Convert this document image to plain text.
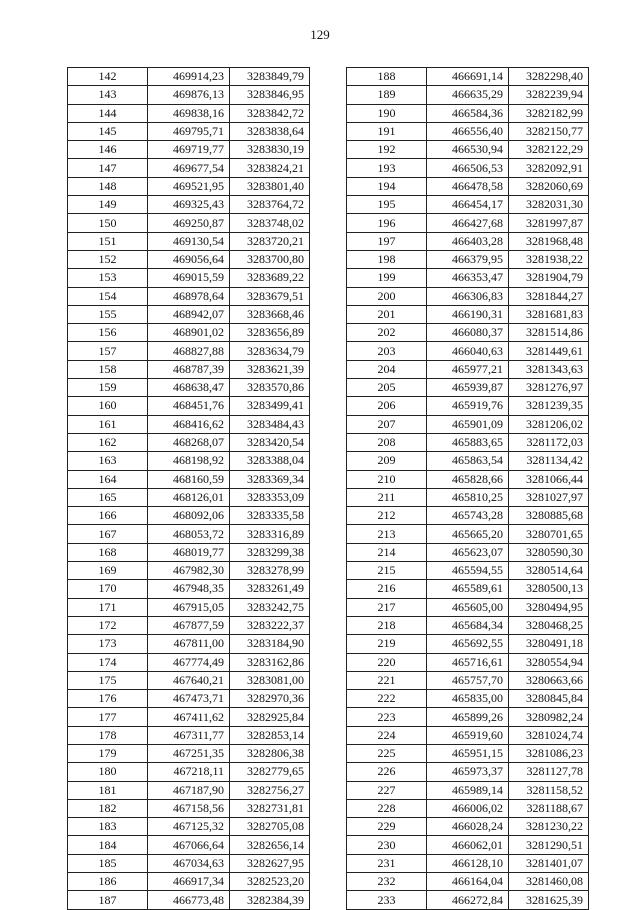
129
142	469914,23	3283849,79
143	469876,13	3283846,95
144	469838,16	3283842,72
145	469795,71	3283838,64
146	469719,77	3283830,19
147	469677,54	3283824,21
148	469521,95	3283801,40
149	469325,43	3283764,72
150	469250,87	3283748,02
151	469130,54	3283720,21
152	469056,64	3283700,80
153	469015,59	3283689,22
154	468978,64	3283679,51
155	468942,07	3283668,46
156	468901,02	3283656,89
157	468827,88	3283634,79
158	468787,39	3283621,39
159	468638,47	3283570,86
160	468451,76	3283499,41
161	468416,62	3283484,43
162	468268,07	3283420,54
163	468198,92	3283388,04
164	468160,59	3283369,34
165	468126,01	3283353,09
166	468092,06	3283335,58
167	468053,72	3283316,89
168	468019,77	3283299,38
169	467982,30	3283278,99
170	467948,35	3283261,49
171	467915,05	3283242,75
172	467877,59	3283222,37
173	467811,00	3283184,90
174	467774,49	3283162,86
175	467640,21	3283081,00
176	467473,71	3282970,36
177	467411,62	3282925,84
178	467311,77	3282853,14
179	467251,35	3282806,38
180	467218,11	3282779,65
181	467187,90	3282756,27
182	467158,56	3282731,81
183	467125,32	3282705,08
184	467066,64	3282656,14
185	467034,63	3282627,95
186	466917,34	3282523,20
187	466773,48	3282384,39
188	466691,14	3282298,40
189	466635,29	3282239,94
190	466584,36	3282182,99
191	466556,40	3282150,77
192	466530,94	3282122,29
193	466506,53	3282092,91
194	466478,58	3282060,69
195	466454,17	3282031,30
196	466427,68	3281997,87
197	466403,28	3281968,48
198	466379,95	3281938,22
199	466353,47	3281904,79
200	466306,83	3281844,27
201	466190,31	3281681,83
202	466080,37	3281514,86
203	466040,63	3281449,61
204	465977,21	3281343,63
205	465939,87	3281276,97
206	465919,76	3281239,35
207	465901,09	3281206,02
208	465883,65	3281172,03
209	465863,54	3281134,42
210	465828,66	3281066,44
211	465810,25	3281027,97
212	465743,28	3280885,68
213	465665,20	3280701,65
214	465623,07	3280590,30
215	465594,55	3280514,64
216	465589,61	3280500,13
217	465605,00	3280494,95
218	465684,34	3280468,25
219	465692,55	3280491,18
220	465716,61	3280554,94
221	465757,70	3280663,66
222	465835,00	3280845,84
223	465899,26	3280982,24
224	465919,60	3281024,74
225	465951,15	3281086,23
226	465973,37	3281127,78
227	465989,14	3281158,52
228	466006,02	3281188,67
229	466028,24	3281230,22
230	466062,01	3281290,51
231	466128,10	3281401,07
232	466164,04	3281460,08
233	466272,84	3281625,39
